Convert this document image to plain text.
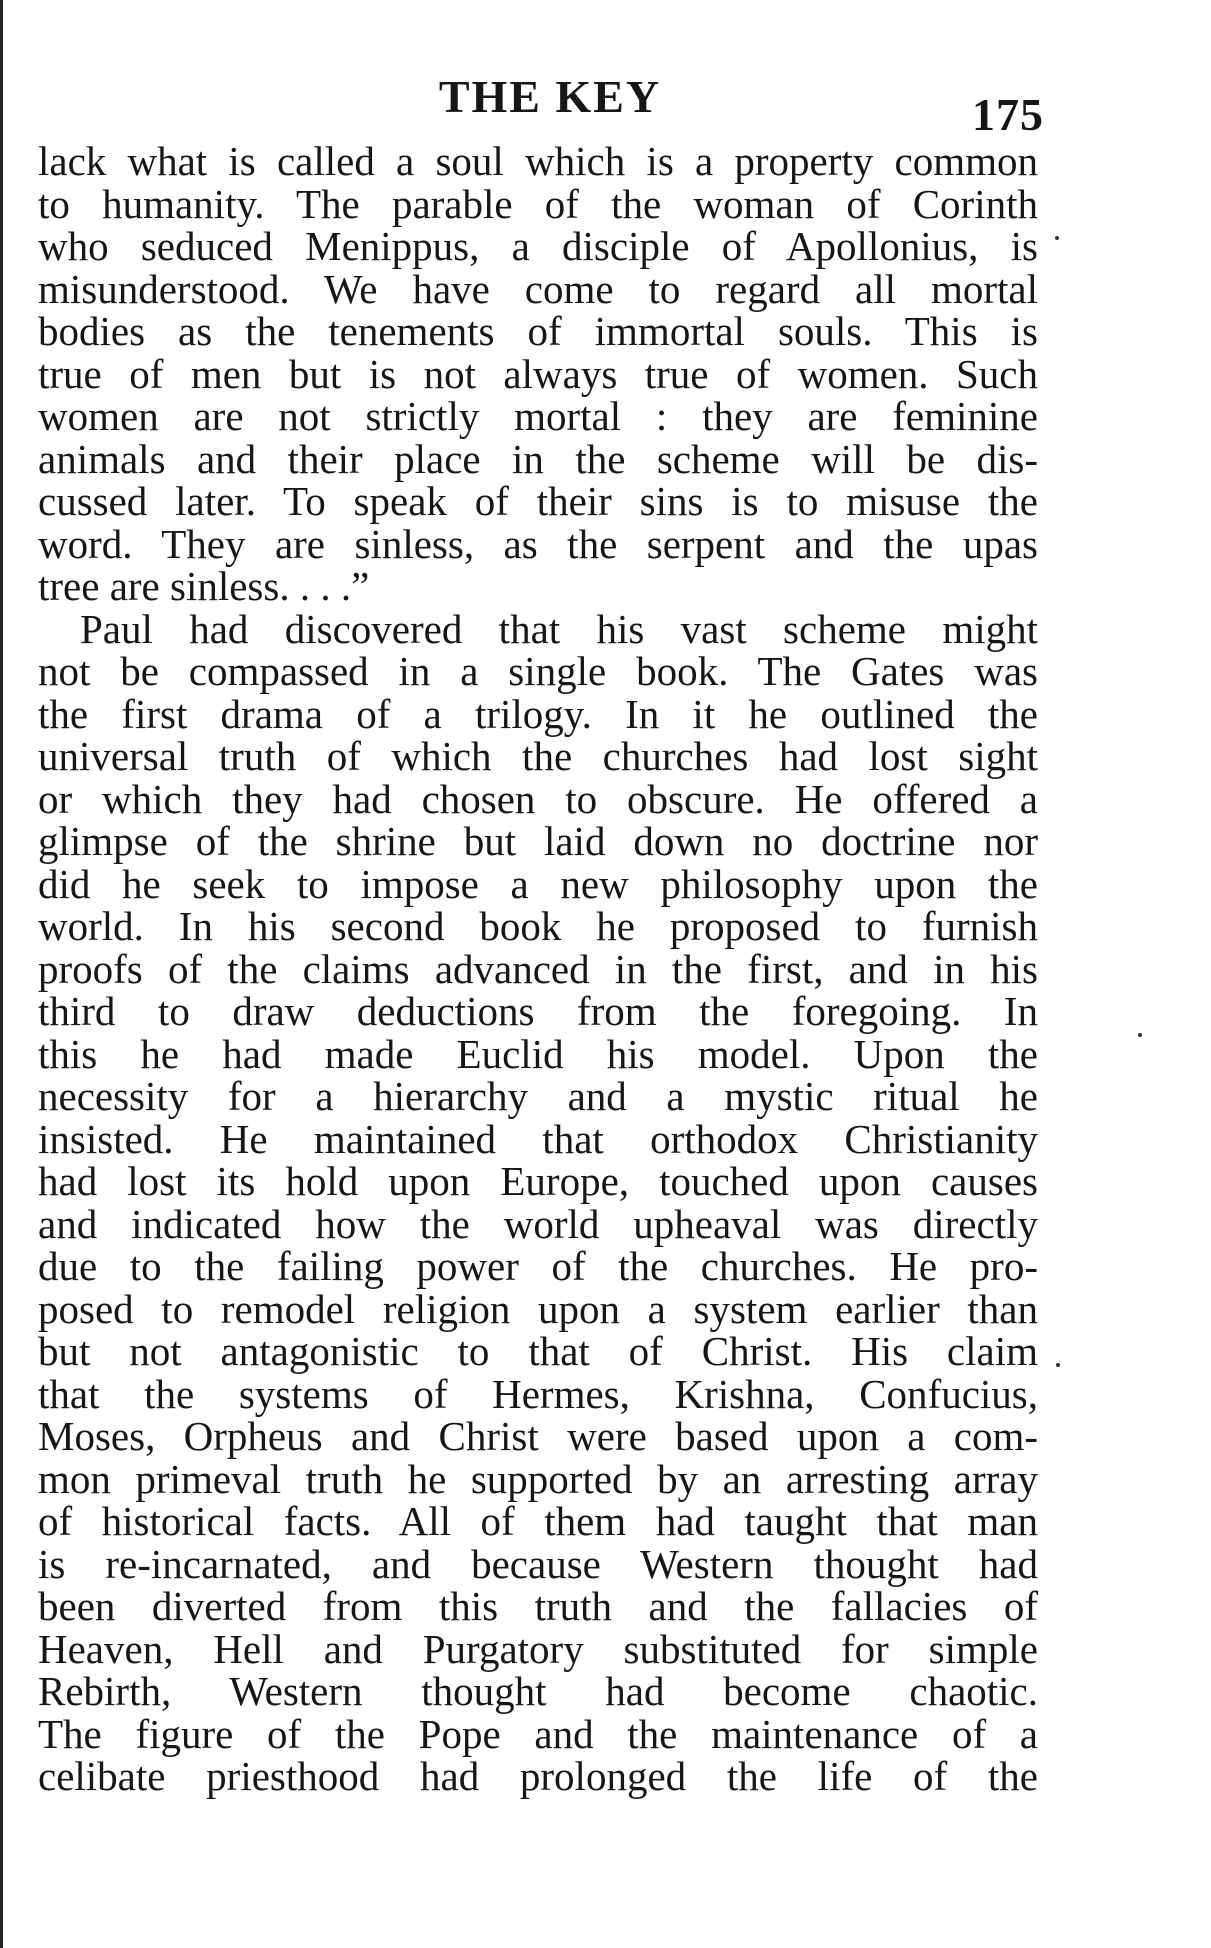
THE KEY	175
lack what is called a soul which is a property common
to humanity. The parable of the woman of Corinth
who seduced Menippus, a disciple of Apollonius, is
misunderstood. We have come to regard all mortal
bodies as the tenements of immortal souls. This is
true of men but is not always true of women. Such
women are not strictly mortal : they are feminine
animals and their place in the scheme will be dis-
cussed later. To speak of their sins is to misuse the
word. They are sinless, as the serpent and the upas
tree are sinless. . . .”
Paul had discovered that his vast scheme might
not be compassed in a single book. The Gates was
the first drama of a trilogy. In it he outlined the
universal truth of which the churches had lost sight
or which they had chosen to obscure. He offered a
glimpse of the shrine but laid down no doctrine nor
did he seek to impose a new philosophy upon the
world. In his second book he proposed to furnish
proofs of the claims advanced in the first, and in his
third to draw deductions from the foregoing. In
this he had made Euclid his model. Upon the
necessity for a hierarchy and a mystic ritual he
insisted. He maintained that orthodox Christianity
had lost its hold upon Europe, touched upon causes
and indicated how the world upheaval was directly
due to the failing power of the churches. He pro-
posed to remodel religion upon a system earlier than
but not antagonistic to that of Christ. His claim
that the systems of Hermes, Krishna, Confucius,
Moses, Orpheus and Christ were based upon a com-
mon primeval truth he supported by an arresting array
of historical facts. All of them had taught that man
is re-incarnated, and because Western thought had
been diverted from this truth and the fallacies of
Heaven, Hell and Purgatory substituted for simple
Rebirth, Western thought had become chaotic.
The figure of the Pope and the maintenance of a
celibate priesthood had prolonged the life of the
